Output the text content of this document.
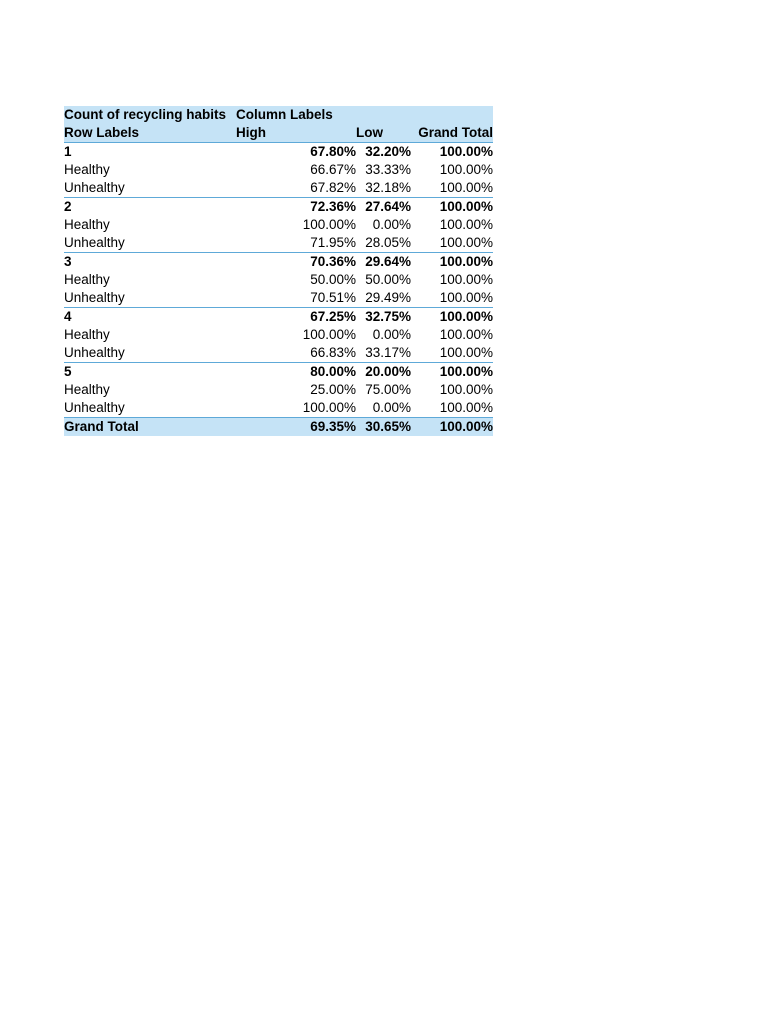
Count of recycling habits	Column Labels		
Row Labels	High	Low	Grand Total
1	67.80%	32.20%	100.00%
Healthy	66.67%	33.33%	100.00%
Unhealthy	67.82%	32.18%	100.00%
2	72.36%	27.64%	100.00%
Healthy	100.00%	0.00%	100.00%
Unhealthy	71.95%	28.05%	100.00%
3	70.36%	29.64%	100.00%
Healthy	50.00%	50.00%	100.00%
Unhealthy	70.51%	29.49%	100.00%
4	67.25%	32.75%	100.00%
Healthy	100.00%	0.00%	100.00%
Unhealthy	66.83%	33.17%	100.00%
5	80.00%	20.00%	100.00%
Healthy	25.00%	75.00%	100.00%
Unhealthy	100.00%	0.00%	100.00%
Grand Total	69.35%	30.65%	100.00%
